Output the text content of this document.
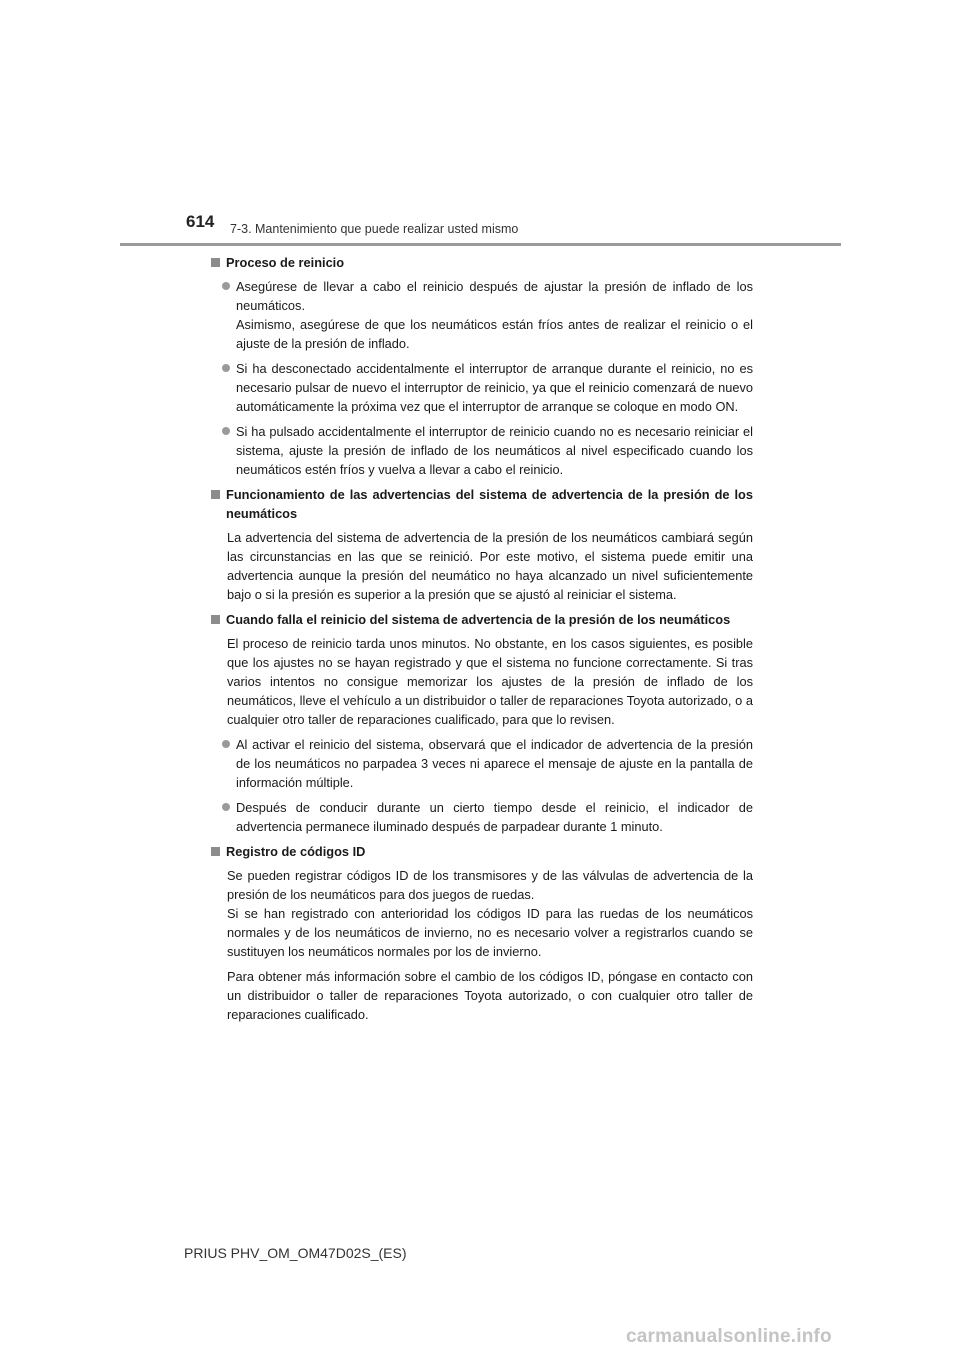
614 7-3. Mantenimiento que puede realizar usted mismo
Proceso de reinicio
Asegúrese de llevar a cabo el reinicio después de ajustar la presión de inflado de los neumáticos.
Asimismo, asegúrese de que los neumáticos están fríos antes de realizar el reinicio o el ajuste de la presión de inflado.
Si ha desconectado accidentalmente el interruptor de arranque durante el reinicio, no es necesario pulsar de nuevo el interruptor de reinicio, ya que el reinicio comenzará de nuevo automáticamente la próxima vez que el interruptor de arranque se coloque en modo ON.
Si ha pulsado accidentalmente el interruptor de reinicio cuando no es necesario reiniciar el sistema, ajuste la presión de inflado de los neumáticos al nivel especificado cuando los neumáticos estén fríos y vuelva a llevar a cabo el reinicio.
Funcionamiento de las advertencias del sistema de advertencia de la presión de los neumáticos
La advertencia del sistema de advertencia de la presión de los neumáticos cambiará según las circunstancias en las que se reinició. Por este motivo, el sistema puede emitir una advertencia aunque la presión del neumático no haya alcanzado un nivel suficientemente bajo o si la presión es superior a la presión que se ajustó al reiniciar el sistema.
Cuando falla el reinicio del sistema de advertencia de la presión de los neumáticos
El proceso de reinicio tarda unos minutos. No obstante, en los casos siguientes, es posible que los ajustes no se hayan registrado y que el sistema no funcione correctamente. Si tras varios intentos no consigue memorizar los ajustes de la presión de inflado de los neumáticos, lleve el vehículo a un distribuidor o taller de reparaciones Toyota autorizado, o a cualquier otro taller de reparaciones cualificado, para que lo revisen.
Al activar el reinicio del sistema, observará que el indicador de advertencia de la presión de los neumáticos no parpadea 3 veces ni aparece el mensaje de ajuste en la pantalla de información múltiple.
Después de conducir durante un cierto tiempo desde el reinicio, el indicador de advertencia permanece iluminado después de parpadear durante 1 minuto.
Registro de códigos ID
Se pueden registrar códigos ID de los transmisores y de las válvulas de advertencia de la presión de los neumáticos para dos juegos de ruedas.
Si se han registrado con anterioridad los códigos ID para las ruedas de los neumáticos normales y de los neumáticos de invierno, no es necesario volver a registrarlos cuando se sustituyen los neumáticos normales por los de invierno.
Para obtener más información sobre el cambio de los códigos ID, póngase en contacto con un distribuidor o taller de reparaciones Toyota autorizado, o con cualquier otro taller de reparaciones cualificado.
PRIUS PHV_OM_OM47D02S_(ES)
carmanualsonline.info
